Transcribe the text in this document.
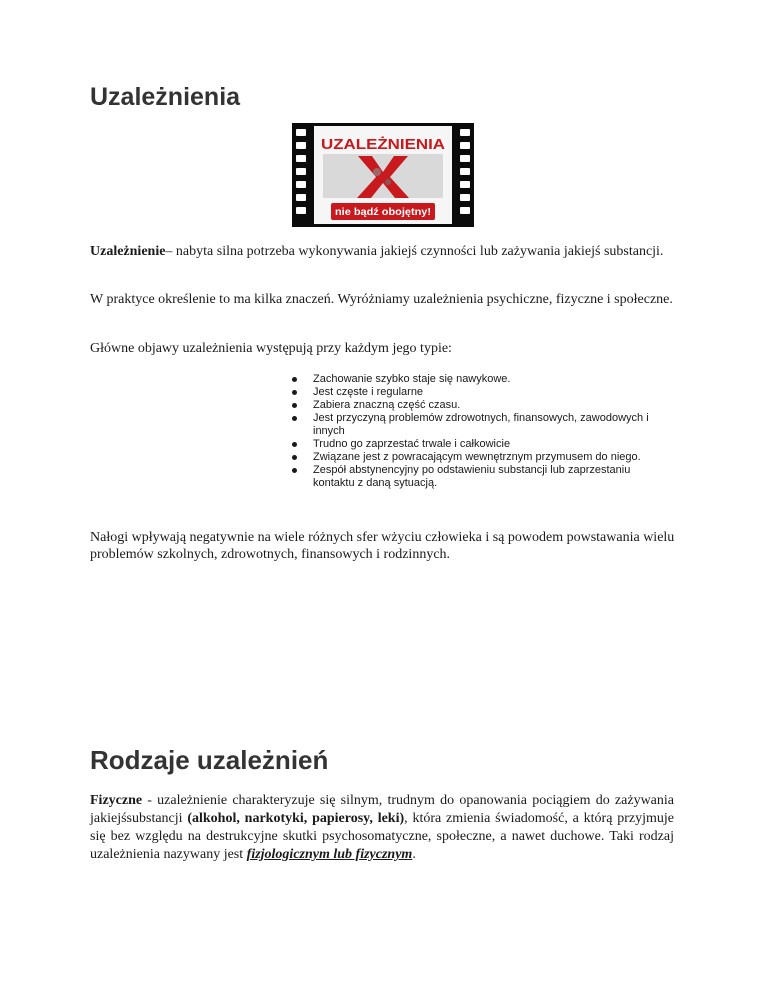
Uzależnienia
UZALEŻNIENIA
nie bądź obojętny!

Uzależnienie– nabyta silna potrzeba wykonywania jakiejś czynności lub zażywania jakiejś substancji.

W praktyce określenie to ma kilka znaczeń. Wyróżniamy uzależnienia psychiczne, fizyczne i społeczne.

Główne objawy uzależnienia występują przy każdym jego typie:

Zachowanie szybko staje się nawykowe.
Jest częste i regularne
Zabiera znaczną część czasu.
Jest przyczyną problemów zdrowotnych, finansowych, zawodowych i innych
Trudno go zaprzestać trwale i całkowicie
Związane jest z powracającym wewnętrznym przymusem do niego.
Zespół abstynencyjny po odstawieniu substancji lub zaprzestaniu kontaktu z daną sytuacją.

Nałogi wpływają negatywnie na wiele różnych sfer wżyciu człowieka i są powodem powstawania wielu problemów szkolnych, zdrowotnych, finansowych i rodzinnych.

Rodzaje uzależnień

Fizyczne - uzależnienie charakteryzuje się silnym, trudnym do opanowania pociągiem do zażywania jakiejśsubstancji (alkohol, narkotyki, papierosy, leki), która zmienia świadomość, a którą przyjmuje się bez względu na destrukcyjne skutki psychosomatyczne, społeczne, a nawet duchowe. Taki rodzaj uzależnienia nazywany jest fizjologicznym lub fizycznym.
